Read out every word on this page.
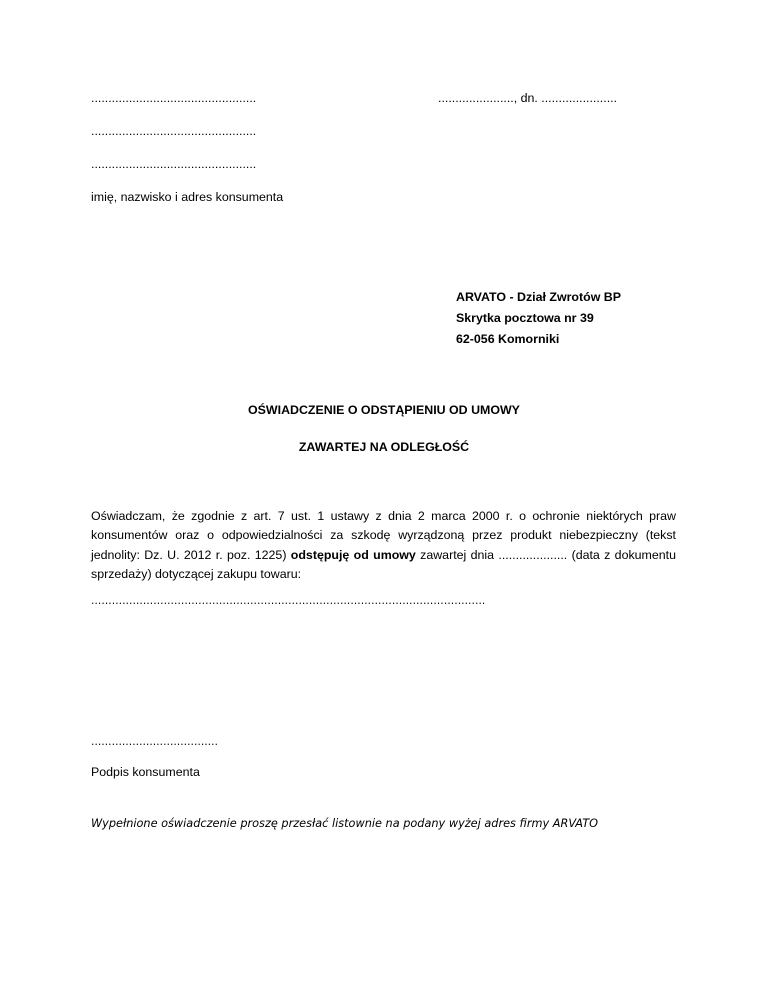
................................................	......................, dn. ......................
................................................
................................................
imię, nazwisko i adres konsumenta
ARVATO - Dział Zwrotów BP
Skrytka pocztowa nr 39
62-056 Komorniki
OŚWIADCZENIE O ODSTĄPIENIU OD UMOWY
ZAWARTEJ NA ODLEGŁOŚĆ
Oświadczam, że zgodnie z art. 7 ust. 1 ustawy z dnia 2 marca 2000 r. o ochronie niektórych praw konsumentów oraz o odpowiedzialności za szkodę wyrządzoną przez produkt niebezpieczny (tekst jednolity: Dz. U. 2012 r. poz. 1225) odstępuję od umowy zawartej dnia .................... (data z dokumentu sprzedaży) dotyczącej zakupu towaru:
……………………………………………………………………………………………………
……………………………….
Podpis konsumenta
Wypełnione oświadczenie proszę przesłać listownie na podany wyżej adres firmy ARVATO
